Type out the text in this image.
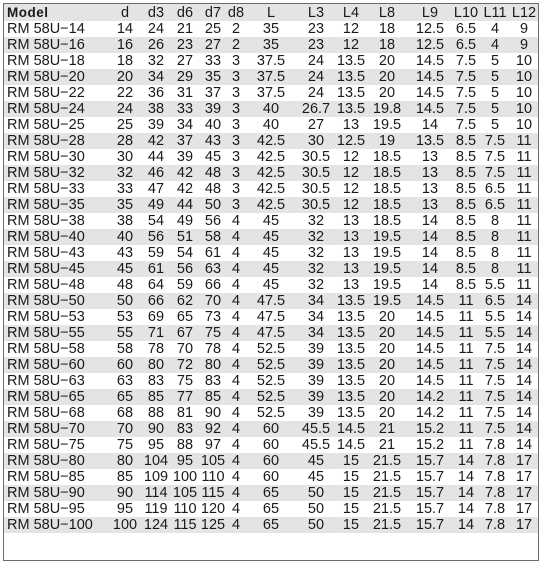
Model	d	d3	d6	d7	d8	L	L3	L4	L8	L9	L10	L11	L12
RM 58U−14	14	24	21	25	2	35	23	12	18	12.5	6.5	4	9
RM 58U−16	16	26	23	27	2	35	23	12	18	12.5	6.5	4	9
RM 58U−18	18	32	27	33	3	37.5	24	13.5	20	14.5	7.5	5	10
RM 58U−20	20	34	29	35	3	37.5	24	13.5	20	14.5	7.5	5	10
RM 58U−22	22	36	31	37	3	37.5	24	13.5	20	14.5	7.5	5	10
RM 58U−24	24	38	33	39	3	40	26.7	13.5	19.8	14.5	7.5	5	10
RM 58U−25	25	39	34	40	3	40	27	13	19.5	14	7.5	5	10
RM 58U−28	28	42	37	43	3	42.5	30	12.5	19	13.5	8.5	7.5	11
RM 58U−30	30	44	39	45	3	42.5	30.5	12	18.5	13	8.5	7.5	11
RM 58U−32	32	46	42	48	3	42.5	30.5	12	18.5	13	8.5	7.5	11
RM 58U−33	33	47	42	48	3	42.5	30.5	12	18.5	13	8.5	6.5	11
RM 58U−35	35	49	44	50	3	42.5	30.5	12	18.5	13	8.5	6.5	11
RM 58U−38	38	54	49	56	4	45	32	13	18.5	14	8.5	8	11
RM 58U−40	40	56	51	58	4	45	32	13	19.5	14	8.5	8	11
RM 58U−43	43	59	54	61	4	45	32	13	19.5	14	8.5	8	11
RM 58U−45	45	61	56	63	4	45	32	13	19.5	14	8.5	8	11
RM 58U−48	48	64	59	66	4	45	32	13	19.5	14	8.5	5.5	11
RM 58U−50	50	66	62	70	4	47.5	34	13.5	19.5	14.5	11	6.5	14
RM 58U−53	53	69	65	73	4	47.5	34	13.5	20	14.5	11	5.5	14
RM 58U−55	55	71	67	75	4	47.5	34	13.5	20	14.5	11	5.5	14
RM 58U−58	58	78	70	78	4	52.5	39	13.5	20	14.5	11	7.5	14
RM 58U−60	60	80	72	80	4	52.5	39	13.5	20	14.5	11	7.5	14
RM 58U−63	63	83	75	83	4	52.5	39	13.5	20	14.5	11	7.5	14
RM 58U−65	65	85	77	85	4	52.5	39	13.5	20	14.2	11	7.5	14
RM 58U−68	68	88	81	90	4	52.5	39	13.5	20	14.2	11	7.5	14
RM 58U−70	70	90	83	92	4	60	45.5	14.5	21	15.2	11	7.5	14
RM 58U−75	75	95	88	97	4	60	45.5	14.5	21	15.2	11	7.8	14
RM 58U−80	80	104	95	105	4	60	45	15	21.5	15.7	14	7.8	17
RM 58U−85	85	109	100	110	4	60	45	15	21.5	15.7	14	7.8	17
RM 58U−90	90	114	105	115	4	65	50	15	21.5	15.7	14	7.8	17
RM 58U−95	95	119	110	120	4	65	50	15	21.5	15.7	14	7.8	17
RM 58U−100	100	124	115	125	4	65	50	15	21.5	15.7	14	7.8	17
